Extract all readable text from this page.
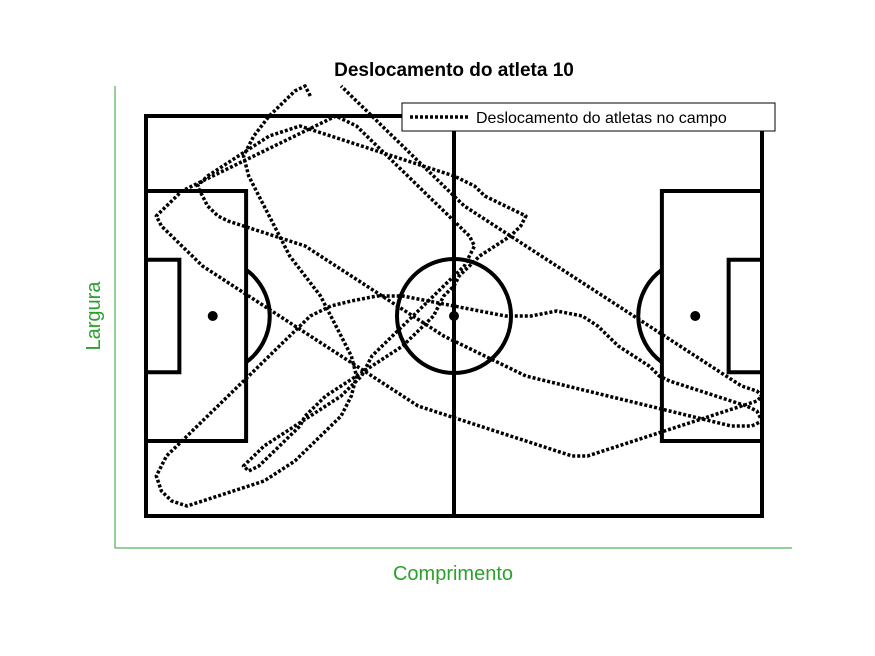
Deslocamento do atleta 10
Comprimento
Largura
Deslocamento do atletas no campo
